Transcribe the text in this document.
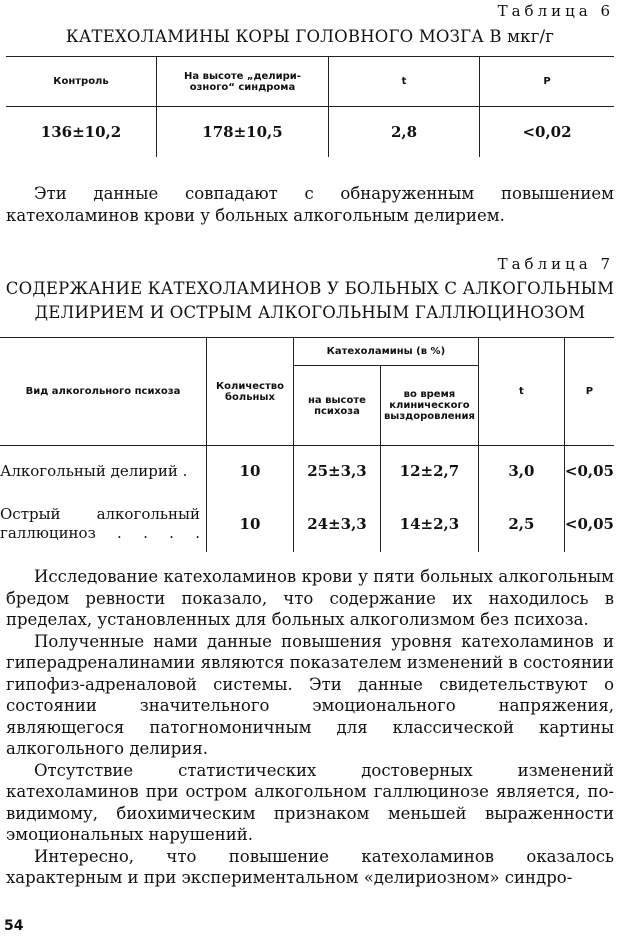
Таблица 6
КАТЕХОЛАМИНЫ КОРЫ ГОЛОВНОГО МОЗГА В мкг/г
Контроль	На высоте „делири-озного“ синдрома	t	P
136±10,2	178±10,5	2,8	<0,02
Эти данные совпадают с обнаруженным повышением катехоламинов крови у больных алкогольным делирием.
Таблица 7
СОДЕРЖАНИЕ КАТЕХОЛАМИНОВ У БОЛЬНЫХ С АЛКОГОЛЬНЫМ
ДЕЛИРИЕМ И ОСТРЫМ АЛКОГОЛЬНЫМ ГАЛЛЮЦИНОЗОМ
Вид алкогольного психоза	Количество больных	Катехоламины (в %)		t	P
		на высоте психоза	во время клинического выздоровления		
Алкогольный делирий .	10	25±3,3	12±2,7	3,0	<0,05
Острый алкогольный галлюциноз . . . .	10	24±3,3	14±2,3	2,5	<0,05

Исследование катехоламинов крови у пяти больных алкогольным бредом ревности показало, что содержание их находилось в пределах, установленных для больных алкоголизмом без психоза.

Полученные нами данные повышения уровня катехоламинов и гиперадреналинамии являются показателем изменений в состоянии гипофиз-адреналовой системы. Эти данные свидетельствуют о состоянии значительного эмоционального напряжения, являющегося патогномоничным для классической картины алкогольного делирия.

Отсутствие статистических достоверных изменений катехоламинов при остром алкогольном галлюцинозе является, по-видимому, биохимическим признаком меньшей выраженности эмоциональных нарушений.

Интересно, что повышение катехоламинов оказалось характерным и при экспериментальном «делириозном» синдро-

54
